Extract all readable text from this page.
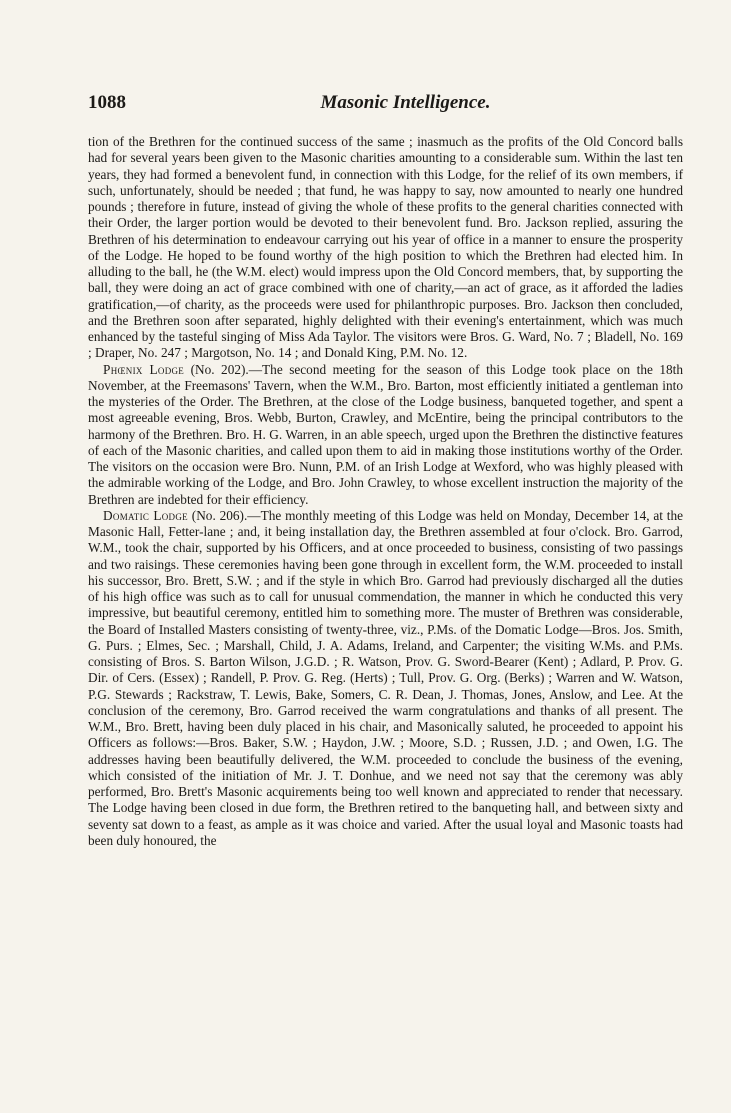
1088	Masonic Intelligence.

tion of the Brethren for the continued success of the same ; inasmuch as the profits of the Old Concord balls had for several years been given to the Masonic charities amounting to a considerable sum. Within the last ten years, they had formed a benevolent fund, in connection with this Lodge, for the relief of its own members, if such, unfortunately, should be needed ; that fund, he was happy to say, now amounted to nearly one hundred pounds ; therefore in future, instead of giving the whole of these profits to the general charities connected with their Order, the larger portion would be devoted to their benevolent fund. Bro. Jackson replied, assuring the Brethren of his determination to endeavour carrying out his year of office in a manner to ensure the prosperity of the Lodge. He hoped to be found worthy of the high position to which the Brethren had elected him. In alluding to the ball, he (the W.M. elect) would impress upon the Old Concord members, that, by supporting the ball, they were doing an act of grace combined with one of charity,—an act of grace, as it afforded the ladies gratification,—of charity, as the proceeds were used for philanthropic purposes. Bro. Jackson then concluded, and the Brethren soon after separated, highly delighted with their evening's entertainment, which was much enhanced by the tasteful singing of Miss Ada Taylor. The visitors were Bros. G. Ward, No. 7 ; Bladell, No. 169 ; Draper, No. 247 ; Margotson, No. 14 ; and Donald King, P.M. No. 12.

Phœnix Lodge (No. 202).—The second meeting for the season of this Lodge took place on the 18th November, at the Freemasons' Tavern, when the W.M., Bro. Barton, most efficiently initiated a gentleman into the mysteries of the Order. The Brethren, at the close of the Lodge business, banqueted together, and spent a most agreeable evening, Bros. Webb, Burton, Crawley, and McEntire, being the principal contributors to the harmony of the Brethren. Bro. H. G. Warren, in an able speech, urged upon the Brethren the distinctive features of each of the Masonic charities, and called upon them to aid in making those institutions worthy of the Order. The visitors on the occasion were Bro. Nunn, P.M. of an Irish Lodge at Wexford, who was highly pleased with the admirable working of the Lodge, and Bro. John Crawley, to whose excellent instruction the majority of the Brethren are indebted for their efficiency.

Domatic Lodge (No. 206).—The monthly meeting of this Lodge was held on Monday, December 14, at the Masonic Hall, Fetter-lane ; and, it being installation day, the Brethren assembled at four o'clock. Bro. Garrod, W.M., took the chair, supported by his Officers, and at once proceeded to business, consisting of two passings and two raisings. These ceremonies having been gone through in excellent form, the W.M. proceeded to install his successor, Bro. Brett, S.W. ; and if the style in which Bro. Garrod had previously discharged all the duties of his high office was such as to call for unusual commendation, the manner in which he conducted this very impressive, but beautiful ceremony, entitled him to something more. The muster of Brethren was considerable, the Board of Installed Masters consisting of twenty-three, viz., P.Ms. of the Domatic Lodge—Bros. Jos. Smith, G. Purs. ; Elmes, Sec. ; Marshall, Child, J. A. Adams, Ireland, and Carpenter; the visiting W.Ms. and P.Ms. consisting of Bros. S. Barton Wilson, J.G.D. ; R. Watson, Prov. G. Sword-Bearer (Kent) ; Adlard, P. Prov. G. Dir. of Cers. (Essex) ; Randell, P. Prov. G. Reg. (Herts) ; Tull, Prov. G. Org. (Berks) ; Warren and W. Watson, P.G. Stewards ; Rackstraw, T. Lewis, Bake, Somers, C. R. Dean, J. Thomas, Jones, Anslow, and Lee. At the conclusion of the ceremony, Bro. Garrod received the warm congratulations and thanks of all present. The W.M., Bro. Brett, having been duly placed in his chair, and Masonically saluted, he proceeded to appoint his Officers as follows:—Bros. Baker, S.W. ; Haydon, J.W. ; Moore, S.D. ; Russen, J.D. ; and Owen, I.G. The addresses having been beautifully delivered, the W.M. proceeded to conclude the business of the evening, which consisted of the initiation of Mr. J. T. Donhue, and we need not say that the ceremony was ably performed, Bro. Brett's Masonic acquirements being too well known and appreciated to render that necessary. The Lodge having been closed in due form, the Brethren retired to the banqueting hall, and between sixty and seventy sat down to a feast, as ample as it was choice and varied. After the usual loyal and Masonic toasts had been duly honoured, the
